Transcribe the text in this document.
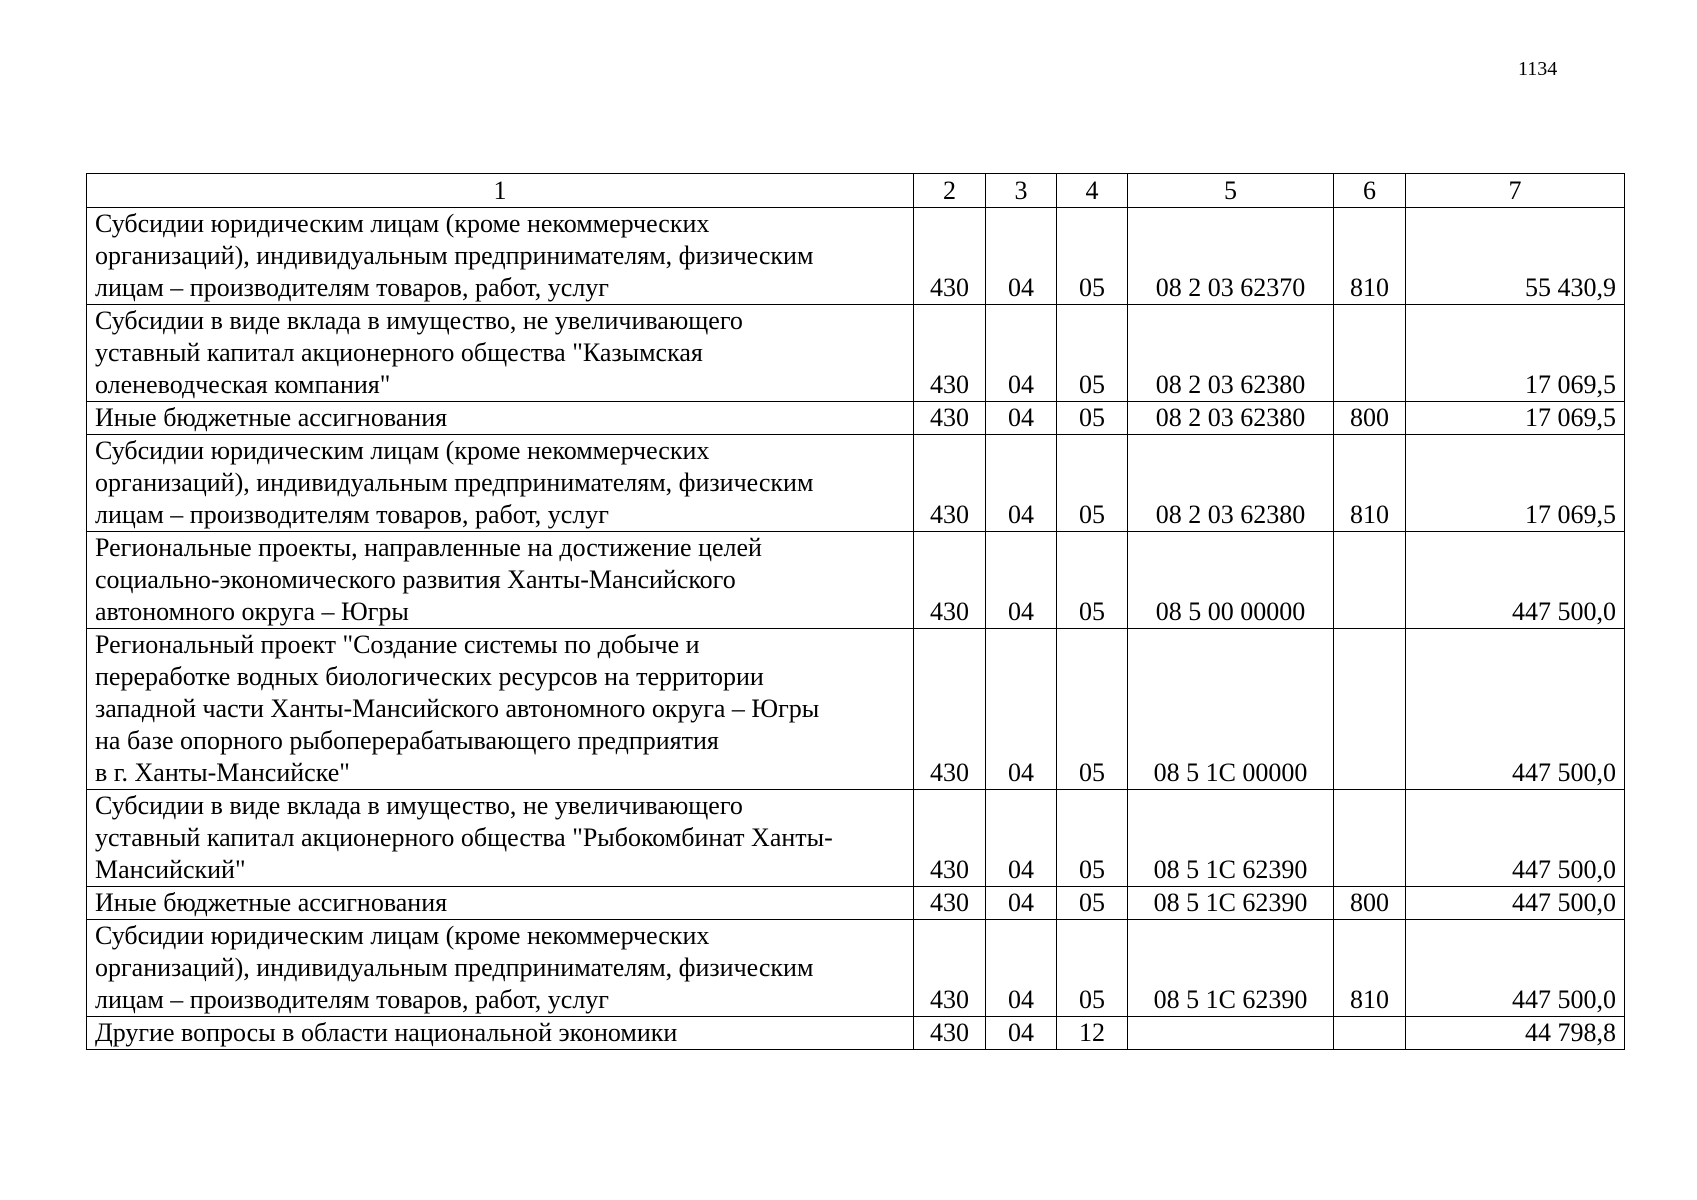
1134
1	2	3	4	5	6	7
Субсидии юридическим лицам (кроме некоммерческих
организаций), индивидуальным предпринимателям, физическим
лицам – производителям товаров, работ, услуг	430	04	05	08 2 03 62370	810	55 430,9
Субсидии в виде вклада в имущество, не увеличивающего
уставный капитал акционерного общества "Казымская
оленеводческая компания"	430	04	05	08 2 03 62380		17 069,5
Иные бюджетные ассигнования	430	04	05	08 2 03 62380	800	17 069,5
Субсидии юридическим лицам (кроме некоммерческих
организаций), индивидуальным предпринимателям, физическим
лицам – производителям товаров, работ, услуг	430	04	05	08 2 03 62380	810	17 069,5
Региональные проекты, направленные на достижение целей
социально-экономического развития Ханты-Мансийского
автономного округа – Югры	430	04	05	08 5 00 00000		447 500,0
Региональный проект "Создание системы по добыче и
переработке водных биологических ресурсов на территории
западной части Ханты-Мансийского автономного округа – Югры
на базе опорного рыбоперерабатывающего предприятия
в г. Ханты-Мансийске"	430	04	05	08 5 1С 00000		447 500,0
Субсидии в виде вклада в имущество, не увеличивающего
уставный капитал акционерного общества "Рыбокомбинат Ханты-
Мансийский"	430	04	05	08 5 1С 62390		447 500,0
Иные бюджетные ассигнования	430	04	05	08 5 1С 62390	800	447 500,0
Субсидии юридическим лицам (кроме некоммерческих
организаций), индивидуальным предпринимателям, физическим
лицам – производителям товаров, работ, услуг	430	04	05	08 5 1С 62390	810	447 500,0
Другие вопросы в области национальной экономики	430	04	12			44 798,8
